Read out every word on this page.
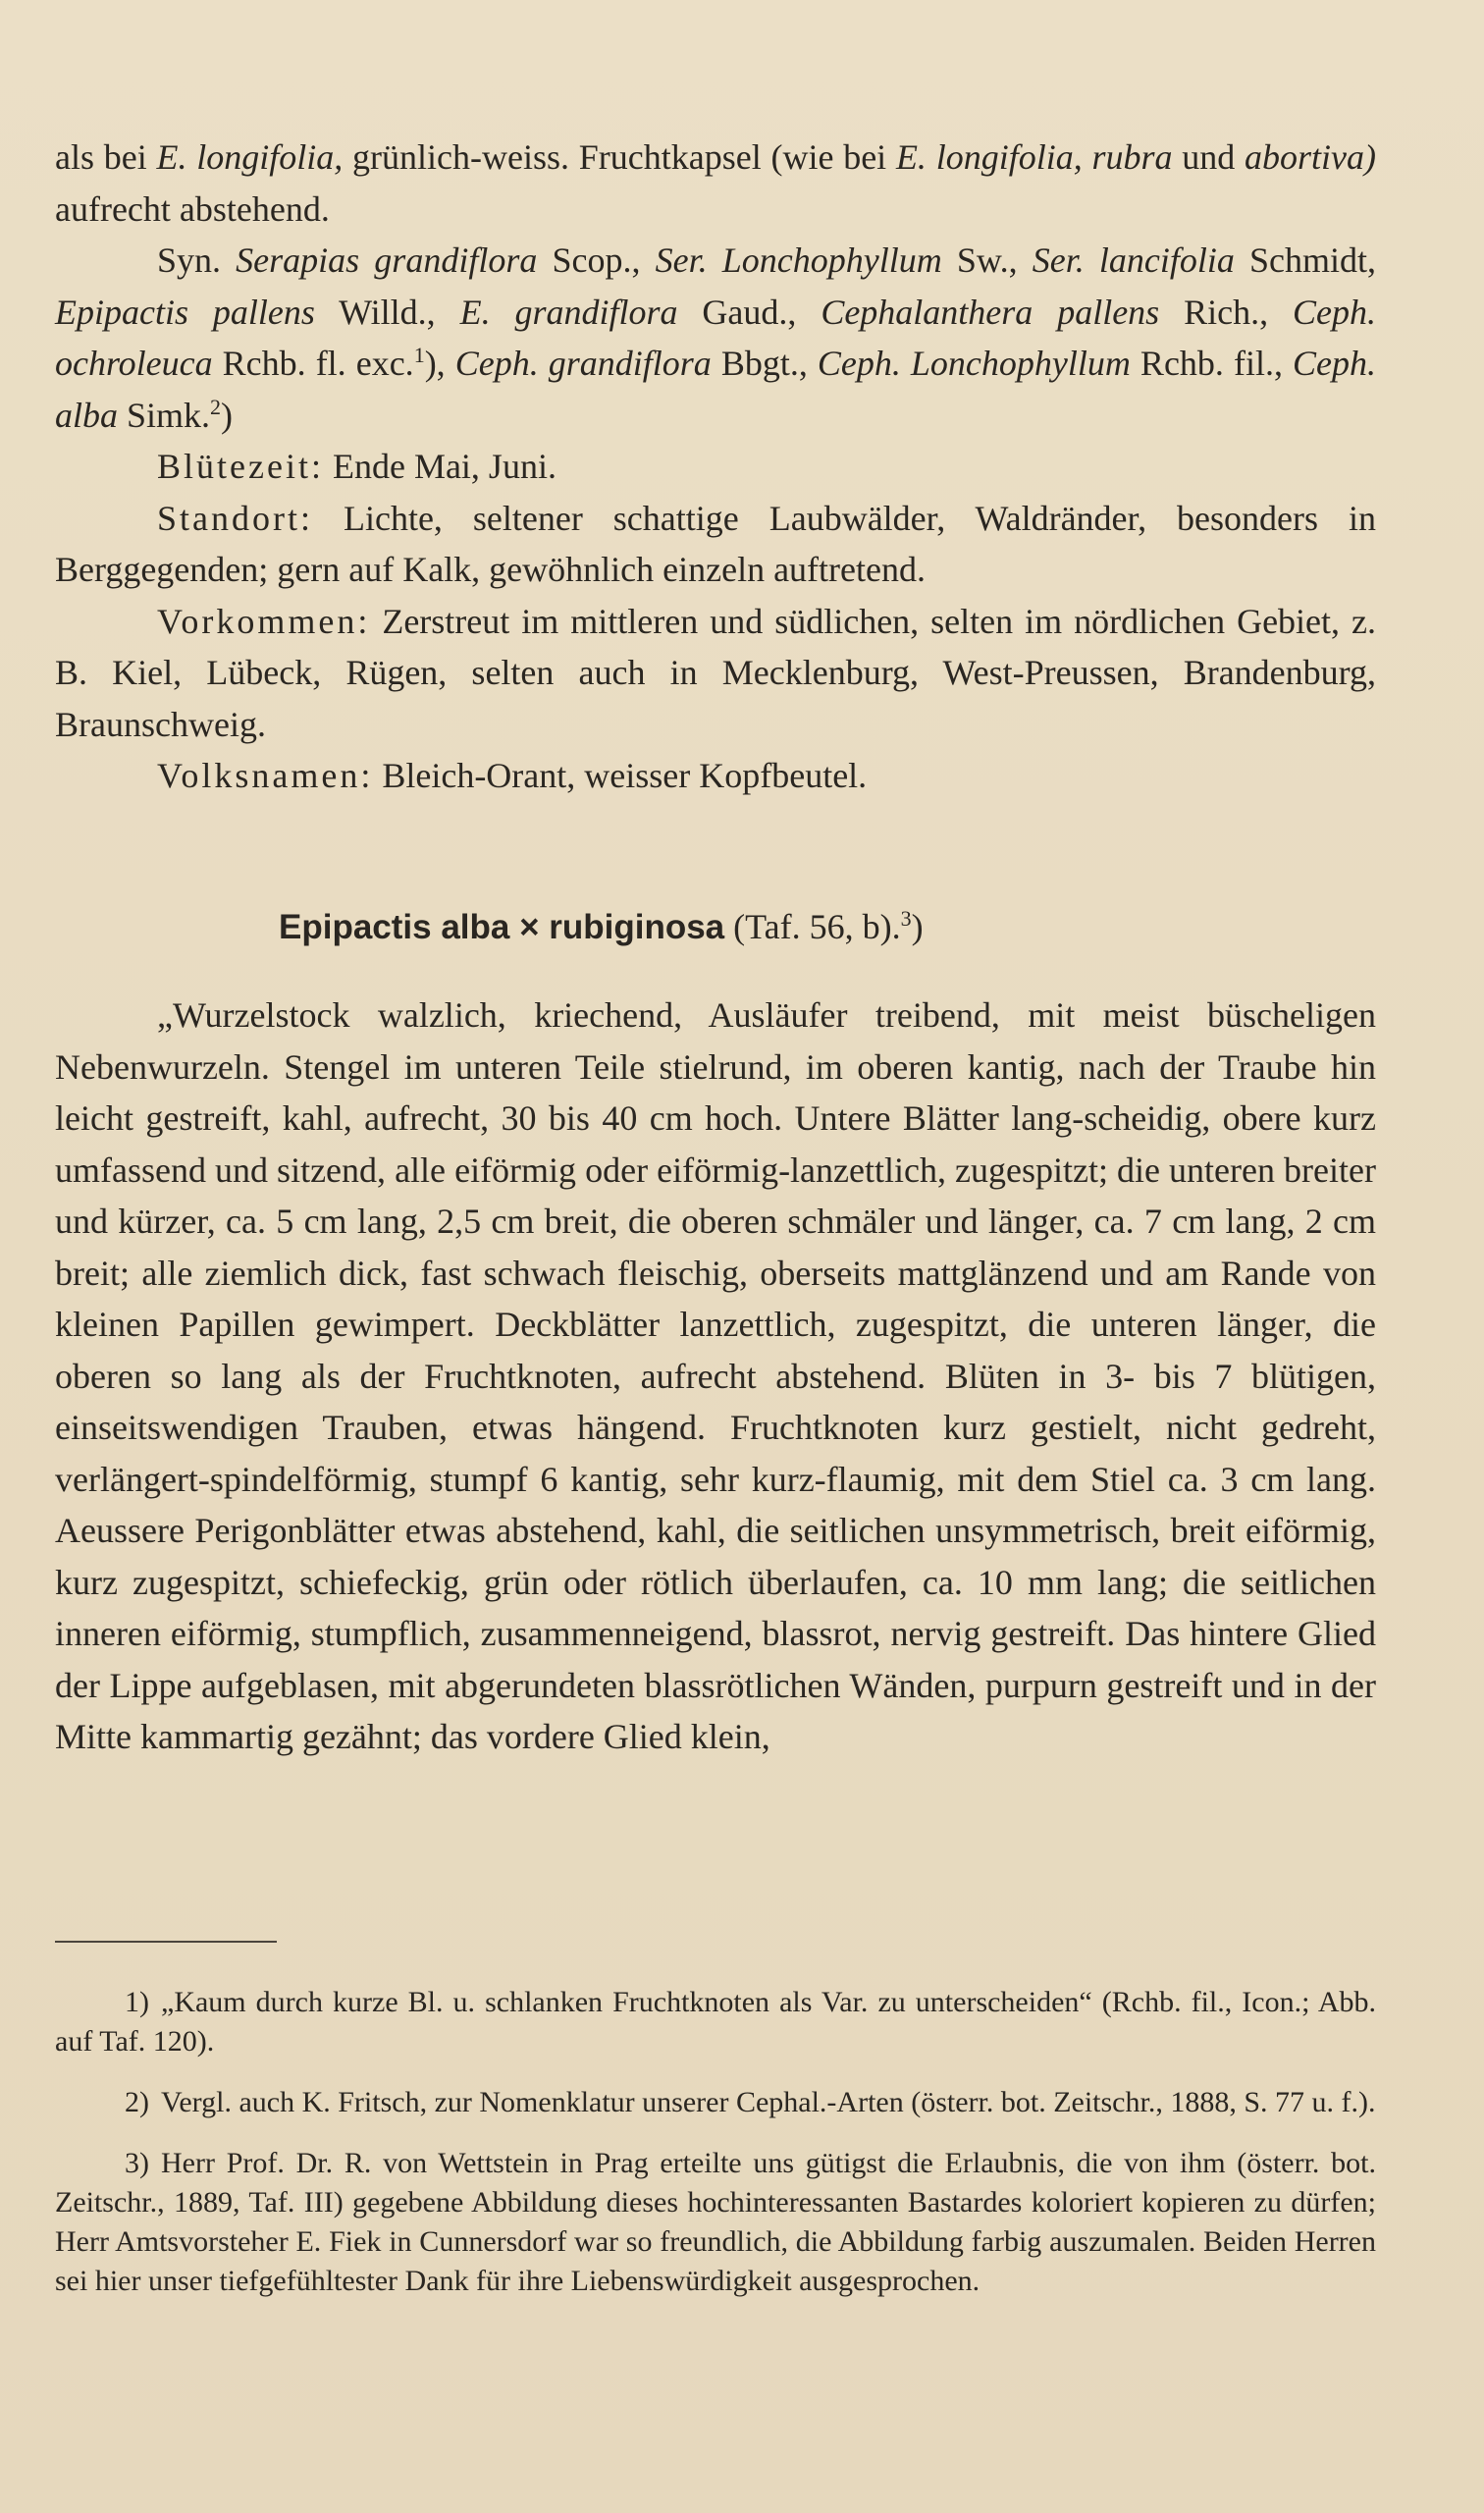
als bei E. longifolia, grünlich-weiss. Fruchtkapsel (wie bei E. longifolia, rubra und abortiva) aufrecht abstehend.

Syn. Serapias grandiflora Scop., Ser. Lonchophyllum Sw., Ser. lancifolia Schmidt, Epipactis pallens Willd., E. grandiflora Gaud., Cephalanthera pallens Rich., Ceph. ochroleuca Rchb. fl. exc.$^1$), Ceph. grandiflora Bbgt., Ceph. Lonchophyllum Rchb. fil., Ceph. alba Simk.$^2$)

Blütezeit: Ende Mai, Juni.

Standort: Lichte, seltener schattige Laubwälder, Waldränder, besonders in Berggegenden; gern auf Kalk, gewöhnlich einzeln auftretend.

Vorkommen: Zerstreut im mittleren und südlichen, selten im nördlichen Gebiet, z. B. Kiel, Lübeck, Rügen, selten auch in Mecklenburg, West-Preussen, Brandenburg, Braunschweig.

Volksnamen: Bleich-Orant, weisser Kopfbeutel.

Epipactis alba × rubiginosa (Taf. 56, b).$^3$)

„Wurzelstock walzlich, kriechend, Ausläufer treibend, mit meist büscheligen Nebenwurzeln. Stengel im unteren Teile stielrund, im oberen kantig, nach der Traube hin leicht gestreift, kahl, aufrecht, 30 bis 40 cm hoch. Untere Blätter lang-scheidig, obere kurz umfassend und sitzend, alle eiförmig oder eiförmig-lanzettlich, zugespitzt; die unteren breiter und kürzer, ca. 5 cm lang, 2,5 cm breit, die oberen schmäler und länger, ca. 7 cm lang, 2 cm breit; alle ziemlich dick, fast schwach fleischig, oberseits mattglänzend und am Rande von kleinen Papillen gewimpert. Deckblätter lanzettlich, zugespitzt, die unteren länger, die oberen so lang als der Fruchtknoten, aufrecht abstehend. Blüten in 3- bis 7 blütigen, einseitswendigen Trauben, etwas hängend. Fruchtknoten kurz gestielt, nicht gedreht, verlängert-spindelförmig, stumpf 6 kantig, sehr kurz-flaumig, mit dem Stiel ca. 3 cm lang. Aeussere Perigonblätter etwas abstehend, kahl, die seitlichen unsymmetrisch, breit eiförmig, kurz zugespitzt, schiefeckig, grün oder rötlich überlaufen, ca. 10 mm lang; die seitlichen inneren eiförmig, stumpflich, zusammenneigend, blassrot, nervig gestreift. Das hintere Glied der Lippe aufgeblasen, mit abgerundeten blassrötlichen Wänden, purpurn gestreift und in der Mitte kammartig gezähnt; das vordere Glied klein,

1) „Kaum durch kurze Bl. u. schlanken Fruchtknoten als Var. zu unterscheiden“ (Rchb. fil., Icon.; Abb. auf Taf. 120).

2) Vergl. auch K. Fritsch, zur Nomenklatur unserer Cephal.-Arten (österr. bot. Zeitschr., 1888, S. 77 u. f.).

3) Herr Prof. Dr. R. von Wettstein in Prag erteilte uns gütigst die Erlaubnis, die von ihm (österr. bot. Zeitschr., 1889, Taf. III) gegebene Abbildung dieses hochinteressanten Bastardes koloriert kopieren zu dürfen; Herr Amtsvorsteher E. Fiek in Cunnersdorf war so freundlich, die Abbildung farbig auszumalen. Beiden Herren sei hier unser tiefgefühltester Dank für ihre Liebenswürdigkeit ausgesprochen.
